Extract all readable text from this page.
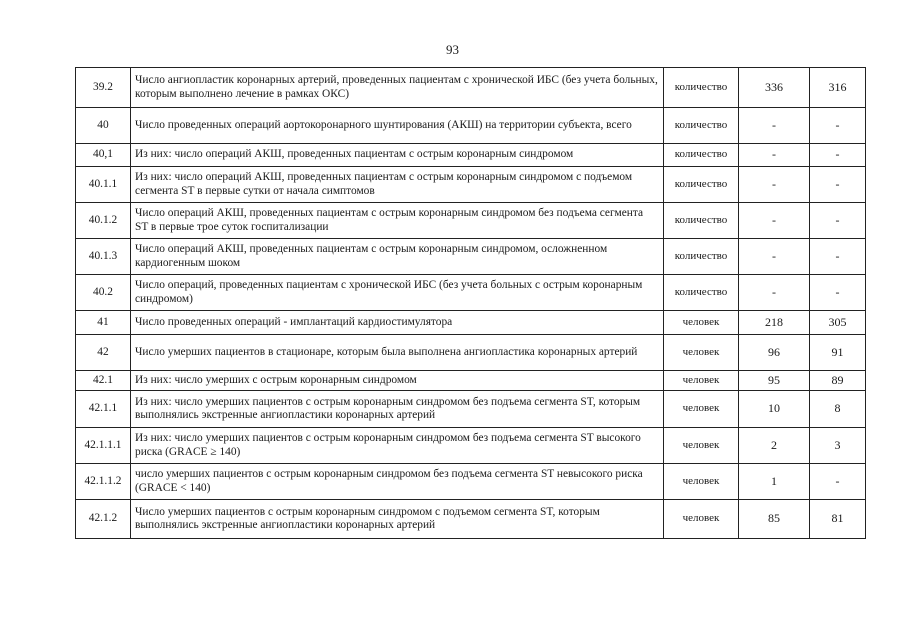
93
39.2	Число ангиопластик коронарных артерий, проведенных пациентам с хронической ИБС (без учета больных, которым выполнено лечение в рамках ОКС)	количество	336	316
40	Число проведенных операций аортокоронарного шунтирования (АКШ) на территории субъекта, всего	количество	-	-
40,1	Из них: число операций АКШ, проведенных пациентам с острым коронарным синдромом	количество	-	-
40.1.1	Из них: число операций АКШ, проведенных пациентам с острым коронарным синдромом с подъемом сегмента ST в первые сутки от начала симптомов	количество	-	-
40.1.2	Число операций АКШ, проведенных пациентам с острым коронарным синдромом без подъема сегмента ST в первые трое суток госпитализации	количество	-	-
40.1.3	Число операций АКШ, проведенных пациентам с острым коронарным синдромом, осложненном кардиогенным шоком	количество	-	-
40.2	Число операций, проведенных пациентам с хронической ИБС (без учета больных с острым коронарным синдромом)	количество	-	-
41	Число проведенных операций - имплантаций кардиостимулятора	человек	218	305
42	Число умерших пациентов в стационаре, которым была выполнена ангиопластика коронарных артерий	человек	96	91
42.1	Из них: число умерших с острым коронарным синдромом	человек	95	89
42.1.1	Из них: число умерших пациентов с острым коронарным синдромом без подъема сегмента ST, которым выполнялись экстренные ангиопластики коронарных артерий	человек	10	8
42.1.1.1	Из них: число умерших пациентов с острым коронарным синдромом без подъема сегмента ST высокого риска (GRACE ≥ 140)	человек	2	3
42.1.1.2	число умерших пациентов с острым коронарным синдромом без подъема сегмента ST невысокого риска (GRACE < 140)	человек	1	-
42.1.2	Число умерших пациентов с острым коронарным синдромом с подъемом сегмента ST, которым выполнялись экстренные ангиопластики коронарных артерий	человек	85	81
